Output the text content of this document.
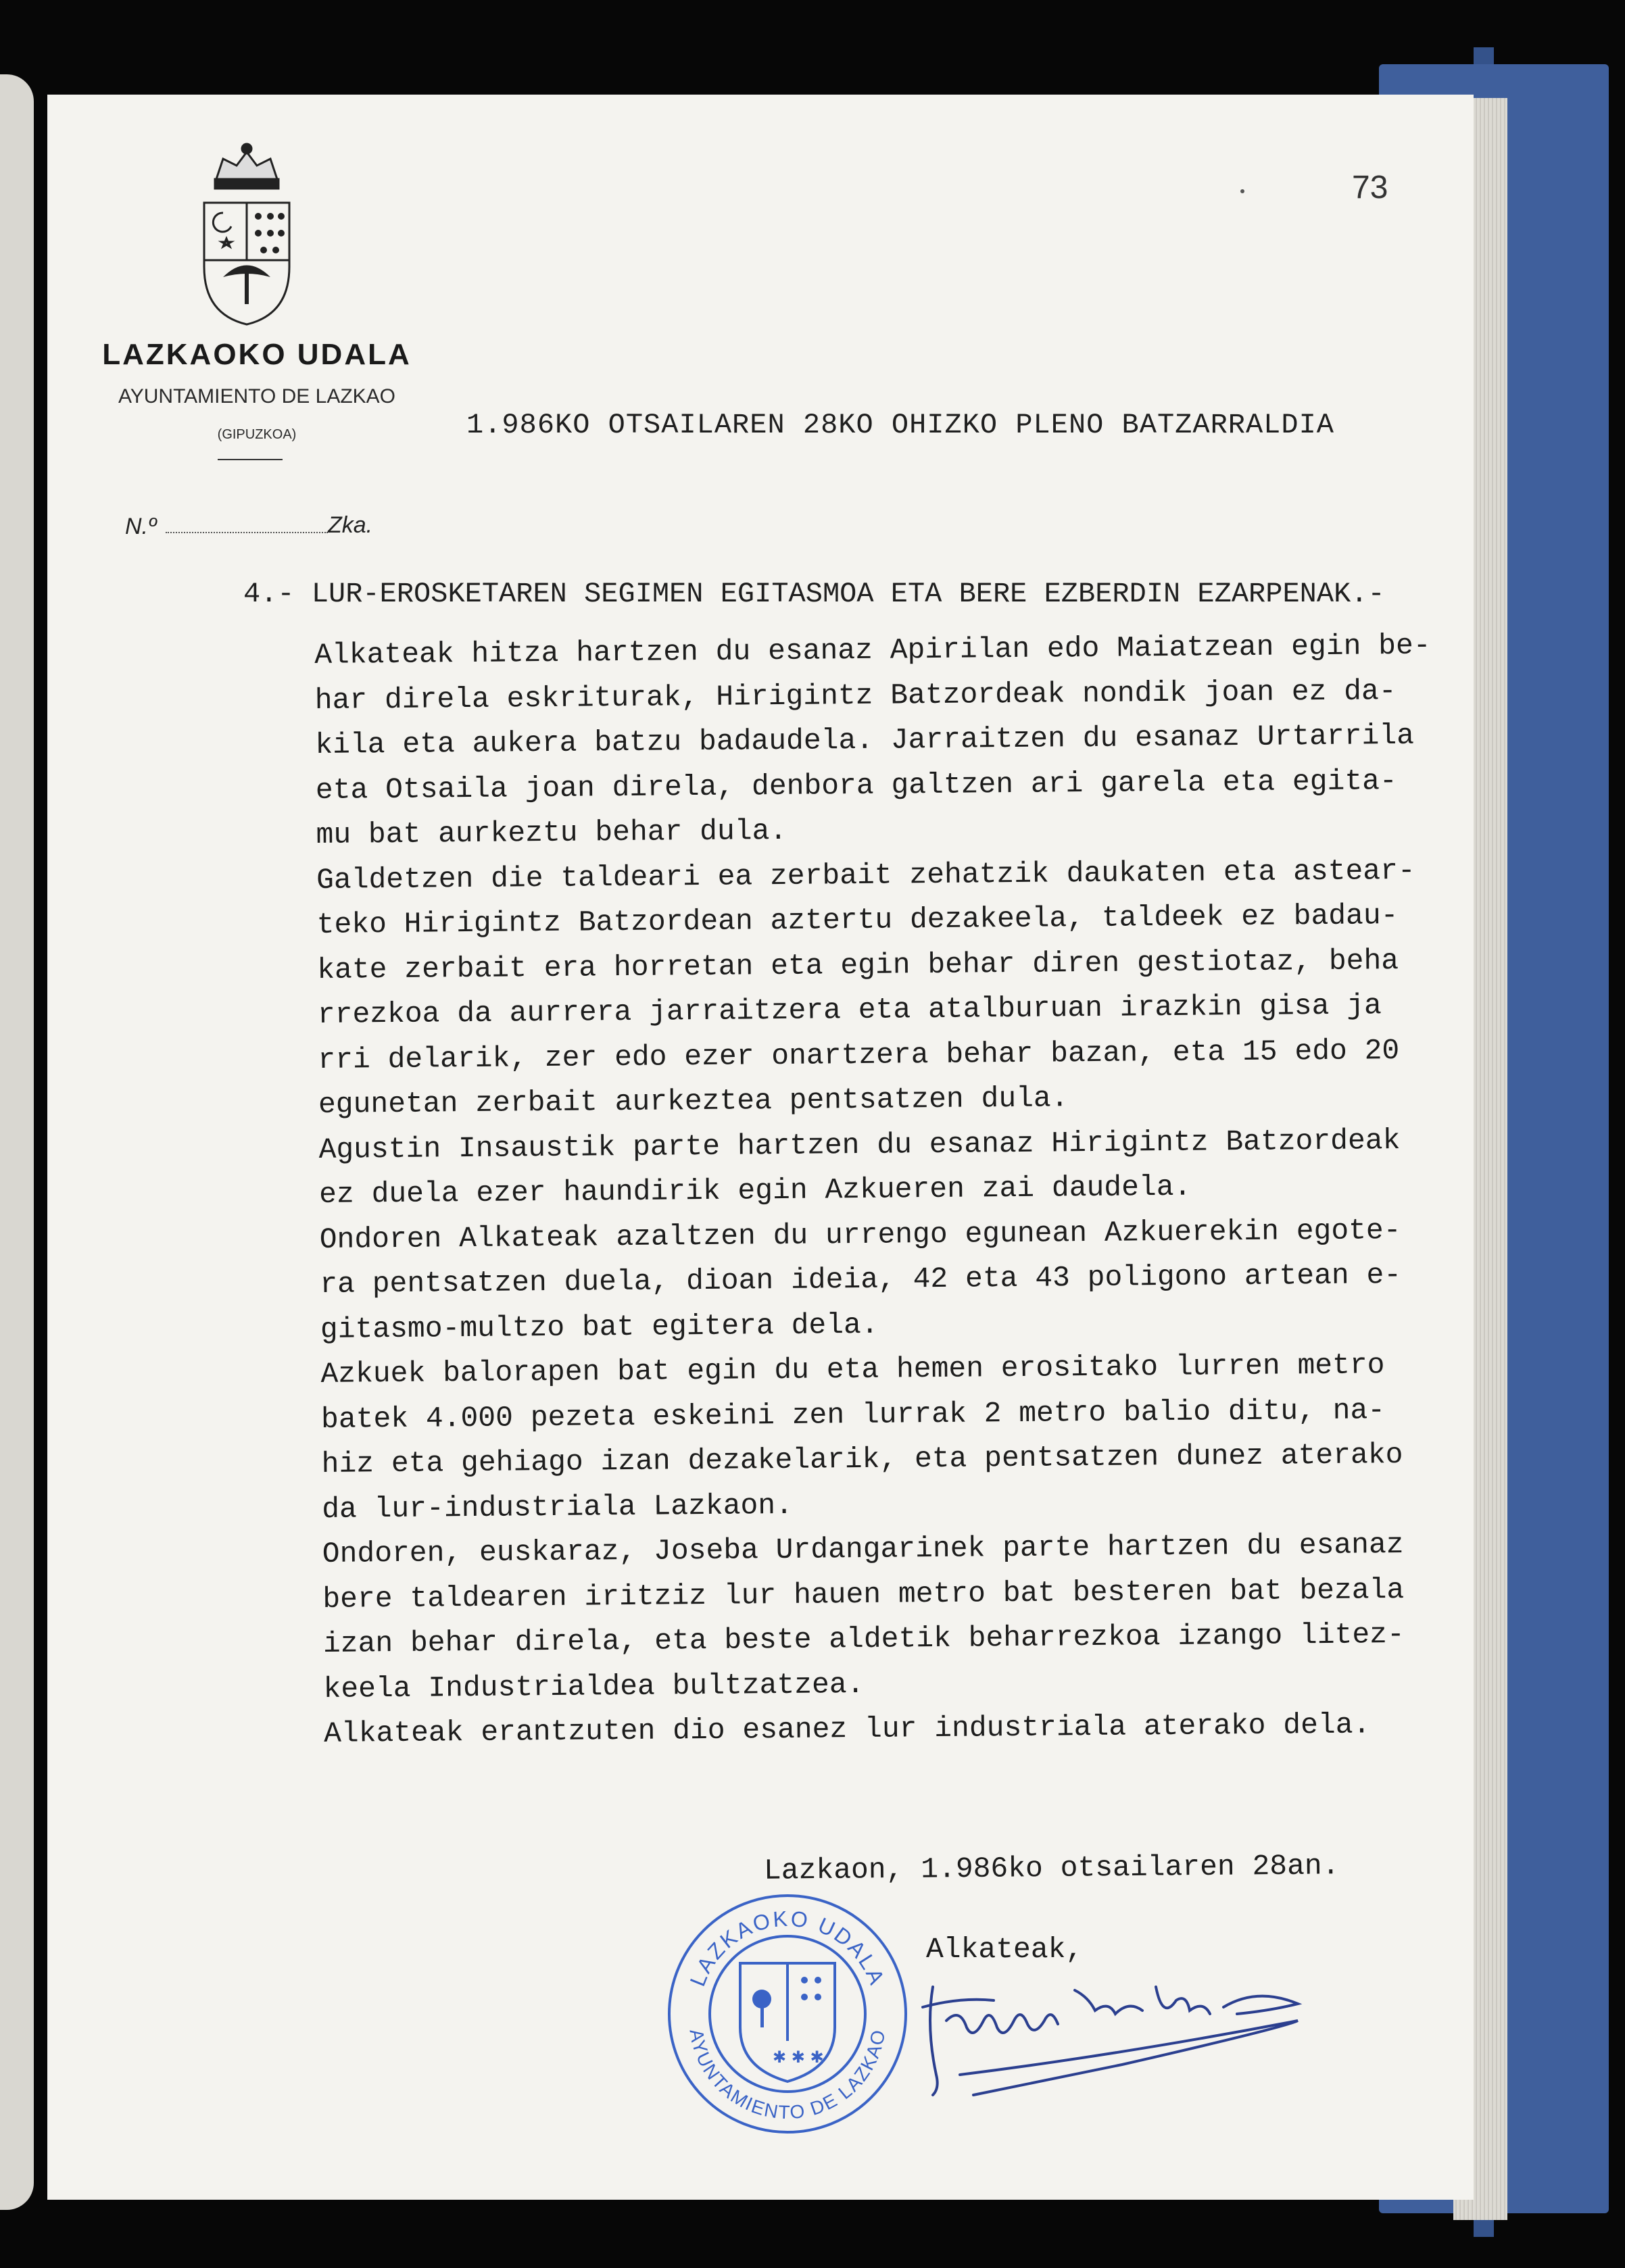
73
LAZKAOKO UDALA
AYUNTAMIENTO DE LAZKAO
(GIPUZKOA)	1.986KO OTSAILAREN 28KO OHIZKO PLENO BATZARRALDIA
N.º	Zka.
4.- LUR-EROSKETAREN SEGIMEN EGITASMOA ETA BERE EZBERDIN EZARPENAK.-
Alkateak hitza hartzen du esanaz Apirilan edo Maiatzean egin be-
har direla eskriturak, Hirigintz Batzordeak nondik joan ez da-
kila eta aukera batzu badaudela. Jarraitzen du esanaz Urtarrila
eta Otsaila joan direla, denbora galtzen ari garela eta egita-
mu bat aurkeztu behar dula.
Galdetzen die taldeari ea zerbait zehatzik daukaten eta astear-
teko Hirigintz Batzordean aztertu dezakeela, taldeek ez badau-
kate zerbait era horretan eta egin behar diren gestiotaz, beha
rrezkoa da aurrera jarraitzera eta atalburuan irazkin gisa ja
rri delarik, zer edo ezer onartzera behar bazan, eta 15 edo 20
egunetan zerbait aurkeztea pentsatzen dula.
Agustin Insaustik parte hartzen du esanaz Hirigintz Batzordeak
ez duela ezer haundirik egin Azkueren zai daudela.
Ondoren Alkateak azaltzen du urrengo egunean Azkuerekin egote-
ra pentsatzen duela, dioan ideia, 42 eta 43 poligono artean e-
gitasmo-multzo bat egitera dela.
Azkuek balorapen bat egin du eta hemen erositako lurren metro
batek 4.000 pezeta eskeini zen lurrak 2 metro balio ditu, na-
hiz eta gehiago izan dezakelarik, eta pentsatzen dunez aterako
da lur-industriala Lazkaon.
Ondoren, euskaraz, Joseba Urdangarinek parte hartzen du esanaz
bere taldearen iritziz lur hauen metro bat besteren bat bezala
izan behar direla, eta beste aldetik beharrezkoa izango litez-
keela Industrialdea bultzatzea.
Alkateak erantzuten dio esanez lur industriala aterako dela.
Lazkaon, 1.986ko otsailaren 28an.
✱ ✱ ✱
LAZKAOKO UDALA
AYUNTAMIENTO DE LAZKAO
Alkateak,
